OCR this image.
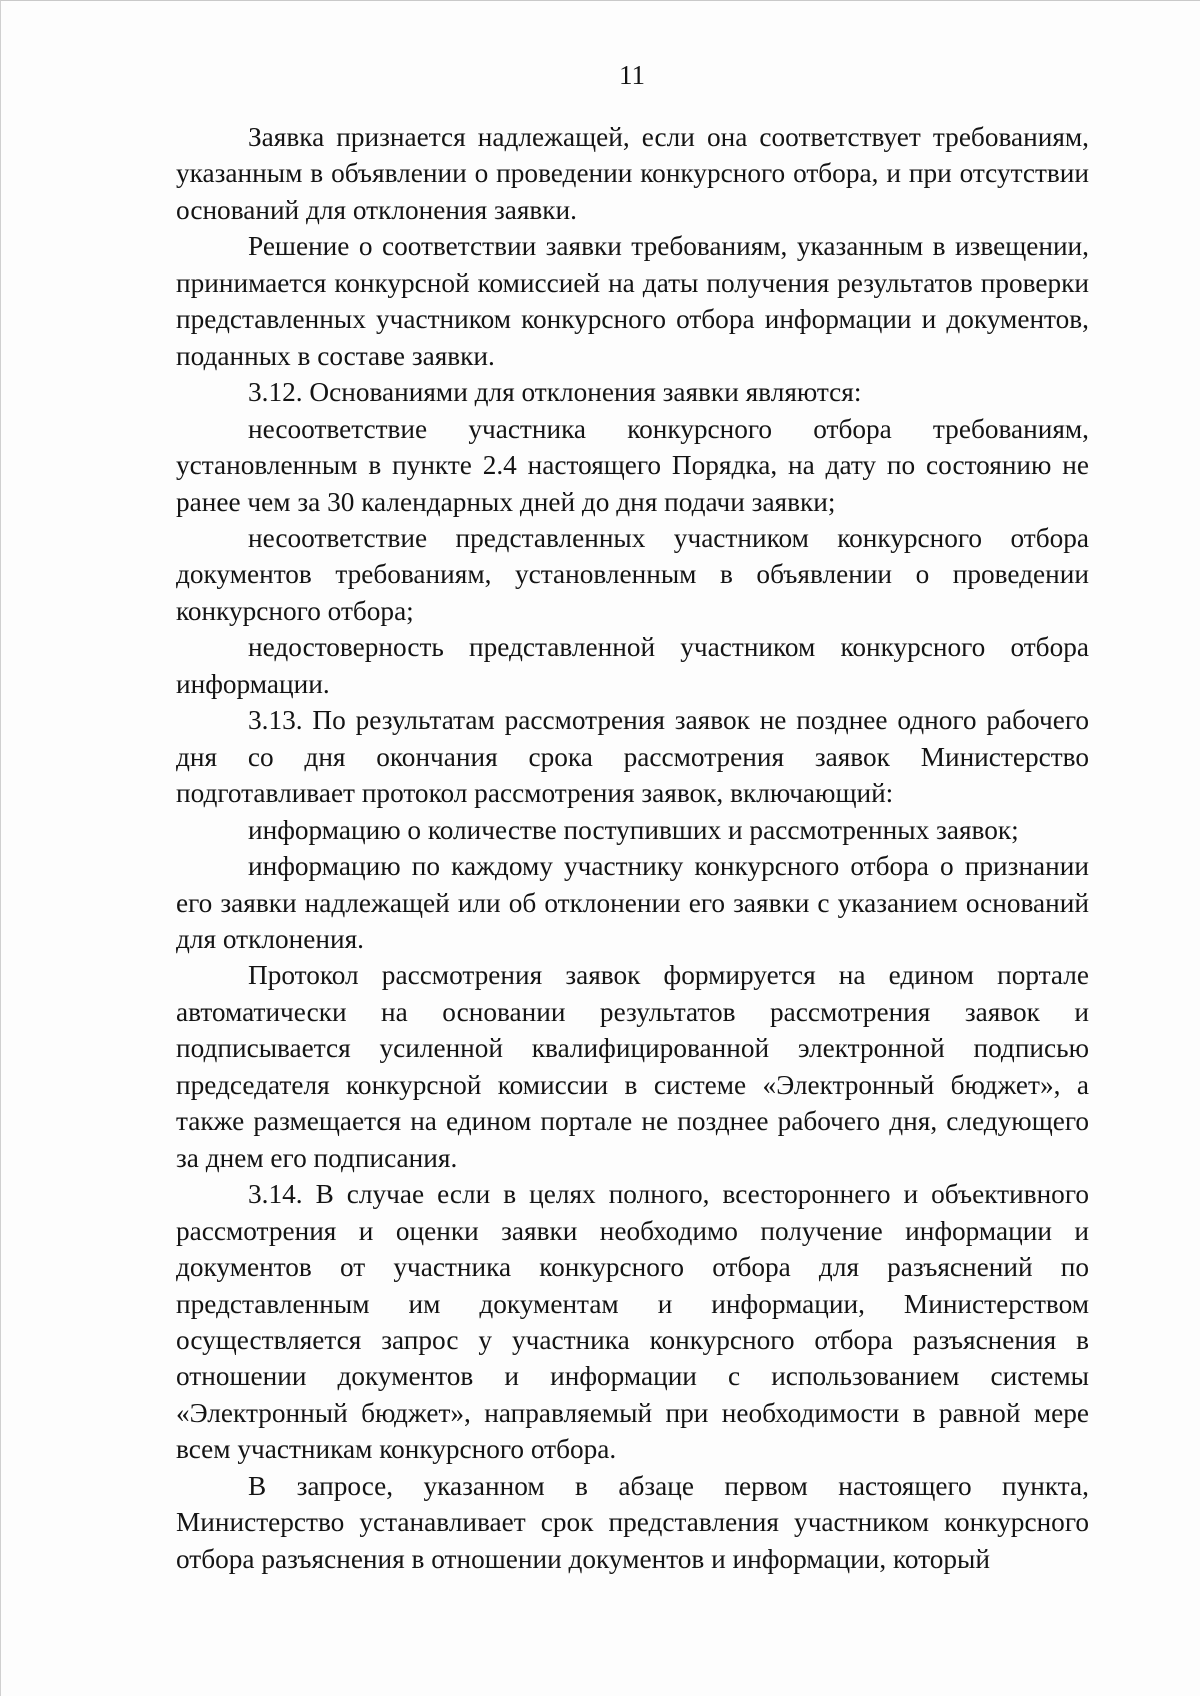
11

Заявка признается надлежащей, если она соответствует требованиям, указанным в объявлении о проведении конкурсного отбора, и при отсутствии оснований для отклонения заявки.

Решение о соответствии заявки требованиям, указанным в извещении, принимается конкурсной комиссией на даты получения результатов проверки представленных участником конкурсного отбора информации и документов, поданных в составе заявки.

3.12. Основаниями для отклонения заявки являются:

несоответствие участника конкурсного отбора требованиям, установленным в пункте 2.4 настоящего Порядка, на дату по состоянию не ранее чем за 30 календарных дней до дня подачи заявки;

несоответствие представленных участником конкурсного отбора документов требованиям, установленным в объявлении о проведении конкурсного отбора;

недостоверность представленной участником конкурсного отбора информации.

3.13. По результатам рассмотрения заявок не позднее одного рабочего дня со дня окончания срока рассмотрения заявок Министерство подготавливает протокол рассмотрения заявок, включающий:

информацию о количестве поступивших и рассмотренных заявок;

информацию по каждому участнику конкурсного отбора о признании его заявки надлежащей или об отклонении его заявки с указанием оснований для отклонения.

Протокол рассмотрения заявок формируется на едином портале автоматически на основании результатов рассмотрения заявок и подписывается усиленной квалифицированной электронной подписью председателя конкурсной комиссии в системе «Электронный бюджет», а также размещается на едином портале не позднее рабочего дня, следующего за днем его подписания.

3.14. В случае если в целях полного, всестороннего и объективного рассмотрения и оценки заявки необходимо получение информации и документов от участника конкурсного отбора для разъяснений по представленным им документам и информации, Министерством осуществляется запрос у участника конкурсного отбора разъяснения в отношении документов и информации с использованием системы «Электронный бюджет», направляемый при необходимости в равной мере всем участникам конкурсного отбора.

В запросе, указанном в абзаце первом настоящего пункта, Министерство устанавливает срок представления участником конкурсного отбора разъяснения в отношении документов и информации, который
